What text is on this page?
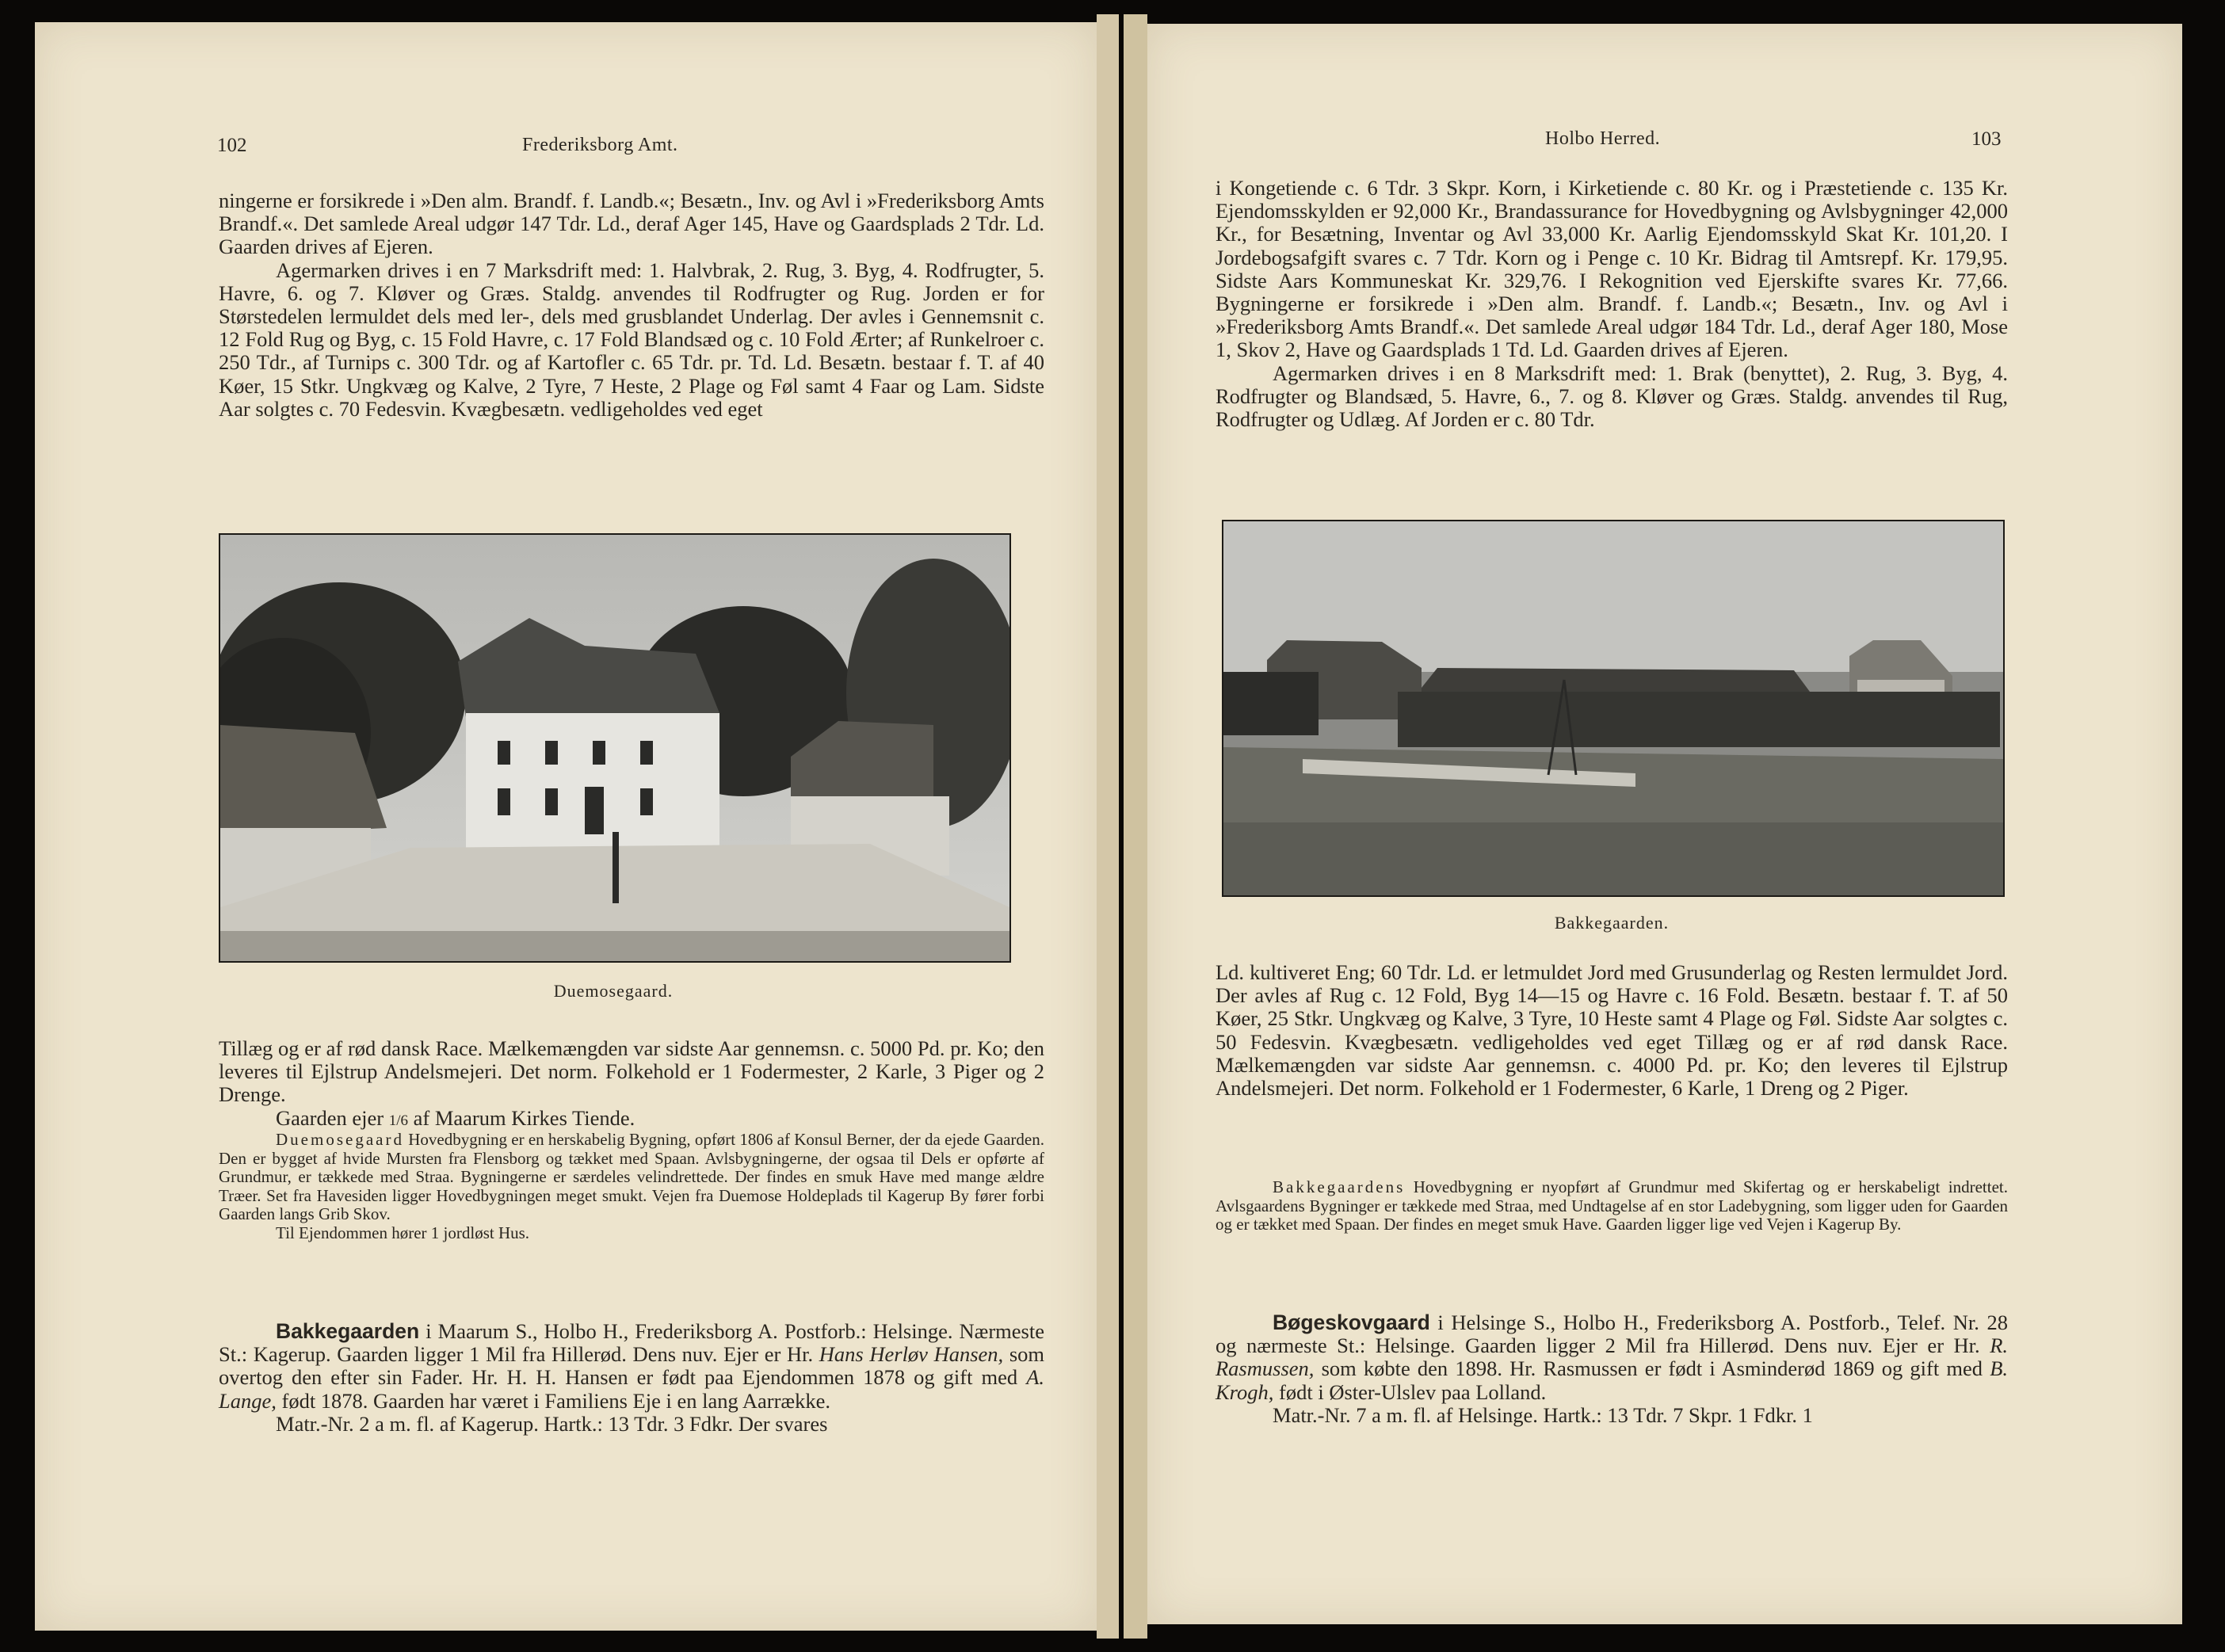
102	Frederiksborg Amt.

ningerne er forsikrede i »Den alm. Brandf. f. Landb.«; Besætn., Inv. og Avl i »Frederiksborg Amts Brandf.«. Det samlede Areal udgør 147 Tdr. Ld., deraf Ager 145, Have og Gaardsplads 2 Tdr. Ld. Gaarden drives af Ejeren.

Agermarken drives i en 7 Marksdrift med: 1. Halvbrak, 2. Rug, 3. Byg, 4. Rodfrugter, 5. Havre, 6. og 7. Kløver og Græs. Staldg. anvendes til Rodfrugter og Rug. Jorden er for Størstedelen lermuldet dels med ler-, dels med grusblandet Underlag. Der avles i Gennemsnit c. 12 Fold Rug og Byg, c. 15 Fold Havre, c. 17 Fold Blandsæd og c. 10 Fold Ærter; af Runkelroer c. 250 Tdr., af Turnips c. 300 Tdr. og af Kartofler c. 65 Tdr. pr. Td. Ld. Besætn. bestaar f. T. af 40 Køer, 15 Stkr. Ungkvæg og Kalve, 2 Tyre, 7 Heste, 2 Plage og Føl samt 4 Faar og Lam. Sidste Aar solgtes c. 70 Fedesvin. Kvægbesætn. vedligeholdes ved eget

Duemosegaard.

Tillæg og er af rød dansk Race. Mælkemængden var sidste Aar gennemsn. c. 5000 Pd. pr. Ko; den leveres til Ejlstrup Andelsmejeri. Det norm. Folkehold er 1 Fodermester, 2 Karle, 3 Piger og 2 Drenge.

Gaarden ejer 1/6 af Maarum Kirkes Tiende.

Duemosegaard Hovedbygning er en herskabelig Bygning, opført 1806 af Konsul Berner, der da ejede Gaarden. Den er bygget af hvide Mursten fra Flensborg og tækket med Spaan. Avlsbygningerne, der ogsaa til Dels er opførte af Grundmur, er tækkede med Straa. Bygningerne er særdeles velindrettede. Der findes en smuk Have med mange ældre Træer. Set fra Havesiden ligger Hovedbygningen meget smukt. Vejen fra Duemose Holdeplads til Kagerup By fører forbi Gaarden langs Grib Skov.

Til Ejendommen hører 1 jordløst Hus.

Bakkegaarden i Maarum S., Holbo H., Frederiksborg A. Postforb.: Helsinge. Nærmeste St.: Kagerup. Gaarden ligger 1 Mil fra Hillerød. Dens nuv. Ejer er Hr. Hans Herløv Hansen, som overtog den efter sin Fader. Hr. H. H. Hansen er født paa Ejendommen 1878 og gift med A. Lange, født 1878. Gaarden har været i Familiens Eje i en lang Aarrække.

Matr.-Nr. 2 a m. fl. af Kagerup. Hartk.: 13 Tdr. 3 Fdkr. Der svares

Holbo Herred.	103

i Kongetiende c. 6 Tdr. 3 Skpr. Korn, i Kirketiende c. 80 Kr. og i Præstetiende c. 135 Kr. Ejendomsskylden er 92,000 Kr., Brandassurance for Hovedbygning og Avlsbygninger 42,000 Kr., for Besætning, Inventar og Avl 33,000 Kr. Aarlig Ejendomsskyld Skat Kr. 101,20. I Jordebogsafgift svares c. 7 Tdr. Korn og i Penge c. 10 Kr. Bidrag til Amtsrepf. Kr. 179,95. Sidste Aars Kommuneskat Kr. 329,76. I Rekognition ved Ejerskifte svares Kr. 77,66. Bygningerne er forsikrede i »Den alm. Brandf. f. Landb.«; Besætn., Inv. og Avl i »Frederiksborg Amts Brandf.«. Det samlede Areal udgør 184 Tdr. Ld., deraf Ager 180, Mose 1, Skov 2, Have og Gaardsplads 1 Td. Ld. Gaarden drives af Ejeren.

Agermarken drives i en 8 Marksdrift med: 1. Brak (benyttet), 2. Rug, 3. Byg, 4. Rodfrugter og Blandsæd, 5. Havre, 6., 7. og 8. Kløver og Græs. Staldg. anvendes til Rug, Rodfrugter og Udlæg. Af Jorden er c. 80 Tdr.

Bakkegaarden.

Ld. kultiveret Eng; 60 Tdr. Ld. er letmuldet Jord med Grusunderlag og Resten lermuldet Jord. Der avles af Rug c. 12 Fold, Byg 14—15 og Havre c. 16 Fold. Besætn. bestaar f. T. af 50 Køer, 25 Stkr. Ungkvæg og Kalve, 3 Tyre, 10 Heste samt 4 Plage og Føl. Sidste Aar solgtes c. 50 Fedesvin. Kvægbesætn. vedligeholdes ved eget Tillæg og er af rød dansk Race. Mælkemængden var sidste Aar gennemsn. c. 4000 Pd. pr. Ko; den leveres til Ejlstrup Andelsmejeri. Det norm. Folkehold er 1 Fodermester, 6 Karle, 1 Dreng og 2 Piger.

Bakkegaardens Hovedbygning er nyopført af Grundmur med Skifertag og er herskabeligt indrettet. Avlsgaardens Bygninger er tækkede med Straa, med Undtagelse af en stor Ladebygning, som ligger uden for Gaarden og er tækket med Spaan. Der findes en meget smuk Have. Gaarden ligger lige ved Vejen i Kagerup By.

Bøgeskovgaard i Helsinge S., Holbo H., Frederiksborg A. Postforb., Telef. Nr. 28 og nærmeste St.: Helsinge. Gaarden ligger 2 Mil fra Hillerød. Dens nuv. Ejer er Hr. R. Rasmussen, som købte den 1898. Hr. Rasmussen er født i Asminderød 1869 og gift med B. Krogh, født i Øster-Ulslev paa Lolland.

Matr.-Nr. 7 a m. fl. af Helsinge. Hartk.: 13 Tdr. 7 Skpr. 1 Fdkr. 1
